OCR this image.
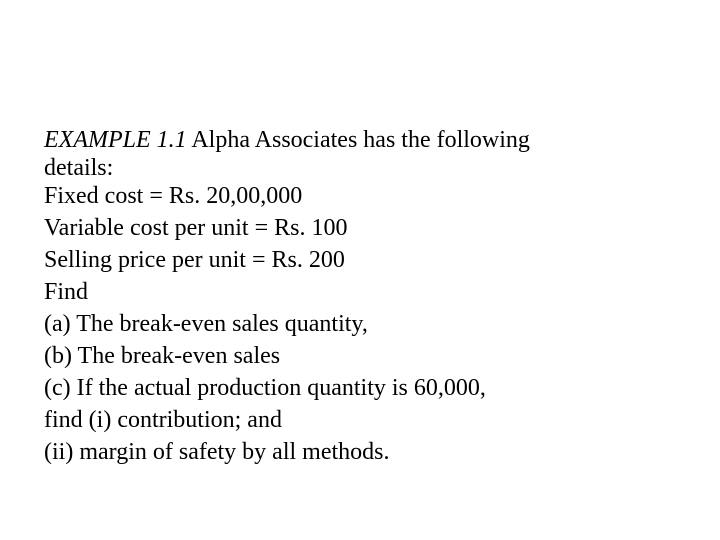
EXAMPLE 1.1 Alpha Associates has the following
details:
Fixed cost = Rs. 20,00,000
Variable cost per unit = Rs. 100
Selling price per unit = Rs. 200
Find
(a) The break-even sales quantity,
(b) The break-even sales
(c) If the actual production quantity is 60,000,
find (i) contribution; and
(ii) margin of safety by all methods.
